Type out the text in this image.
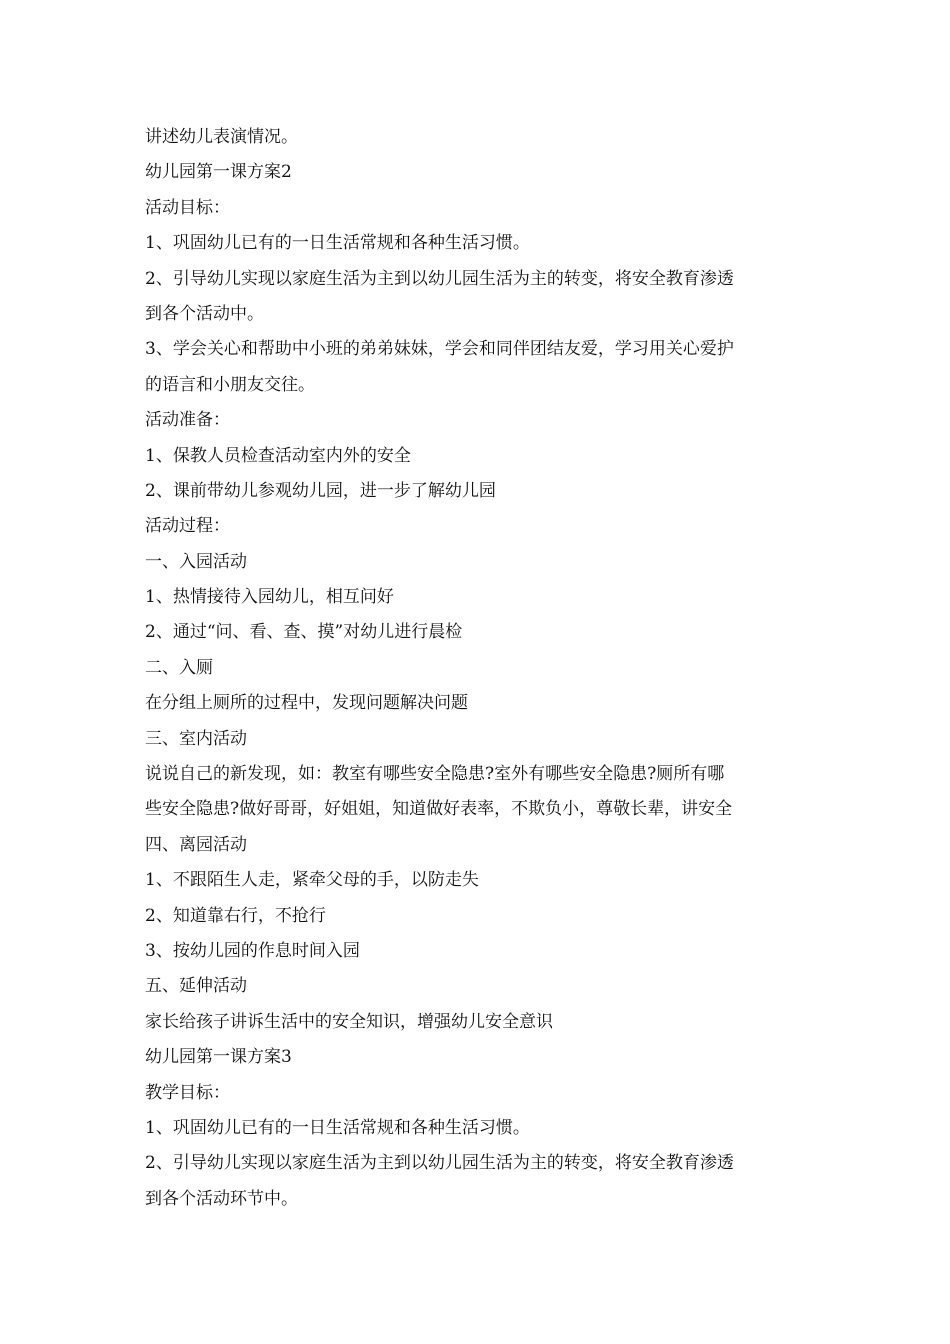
讲述幼儿表演情况。
幼儿园第一课方案2
活动目标：
1、巩固幼儿已有的一日生活常规和各种生活习惯。
2、引导幼儿实现以家庭生活为主到以幼儿园生活为主的转变，将安全教育渗透
到各个活动中。
3、学会关心和帮助中小班的弟弟妹妹，学会和同伴团结友爱，学习用关心爱护
的语言和小朋友交往。
活动准备：
1、保教人员检查活动室内外的安全
2、课前带幼儿参观幼儿园，进一步了解幼儿园
活动过程：
一、入园活动
1、热情接待入园幼儿，相互问好
2、通过“问、看、查、摸”对幼儿进行晨检
二、入厕
在分组上厕所的过程中，发现问题解决问题
三、室内活动
说说自己的新发现，如：教室有哪些安全隐患?室外有哪些安全隐患?厕所有哪
些安全隐患?做好哥哥，好姐姐，知道做好表率，不欺负小，尊敬长辈，讲安全
四、离园活动
1、不跟陌生人走，紧牵父母的手，以防走失
2、知道靠右行，不抢行
3、按幼儿园的作息时间入园
五、延伸活动
家长给孩子讲诉生活中的安全知识，增强幼儿安全意识
幼儿园第一课方案3
教学目标：
1、巩固幼儿已有的一日生活常规和各种生活习惯。
2、引导幼儿实现以家庭生活为主到以幼儿园生活为主的转变，将安全教育渗透
到各个活动环节中。
